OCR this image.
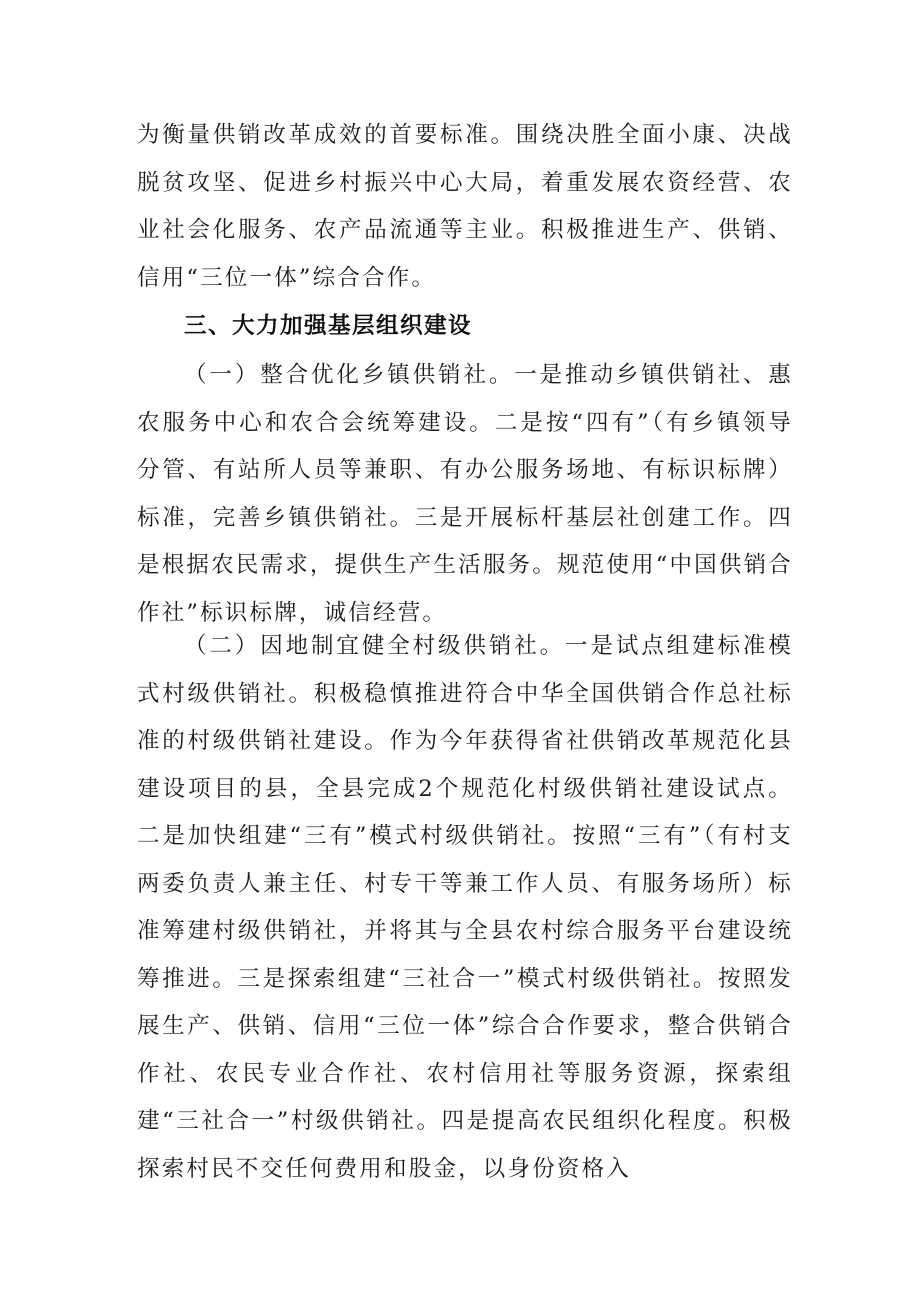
为衡量供销改革成效的首要标准。围绕决胜全面小康、决战脱贫攻坚、促进乡村振兴中心大局，着重发展农资经营、农业社会化服务、农产品流通等主业。积极推进生产、供销、信用“三位一体”综合合作。

三、大力加强基层组织建设

（一）整合优化乡镇供销社。一是推动乡镇供销社、惠农服务中心和农合会统筹建设。二是按“四有”（有乡镇领导分管、有站所人员等兼职、有办公服务场地、有标识标牌）标准，完善乡镇供销社。三是开展标杆基层社创建工作。四是根据农民需求，提供生产生活服务。规范使用“中国供销合作社”标识标牌，诚信经营。

（二）因地制宜健全村级供销社。一是试点组建标准模式村级供销社。积极稳慎推进符合中华全国供销合作总社标准的村级供销社建设。作为今年获得省社供销改革规范化县建设项目的县，全县完成2个规范化村级供销社建设试点。二是加快组建“三有”模式村级供销社。按照“三有”（有村支两委负责人兼主任、村专干等兼工作人员、有服务场所）标准筹建村级供销社，并将其与全县农村综合服务平台建设统筹推进。三是探索组建“三社合一”模式村级供销社。按照发展生产、供销、信用“三位一体”综合合作要求，整合供销合作社、农民专业合作社、农村信用社等服务资源，探索组建“三社合一”村级供销社。四是提高农民组织化程度。积极探索村民不交任何费用和股金，以身份资格入
